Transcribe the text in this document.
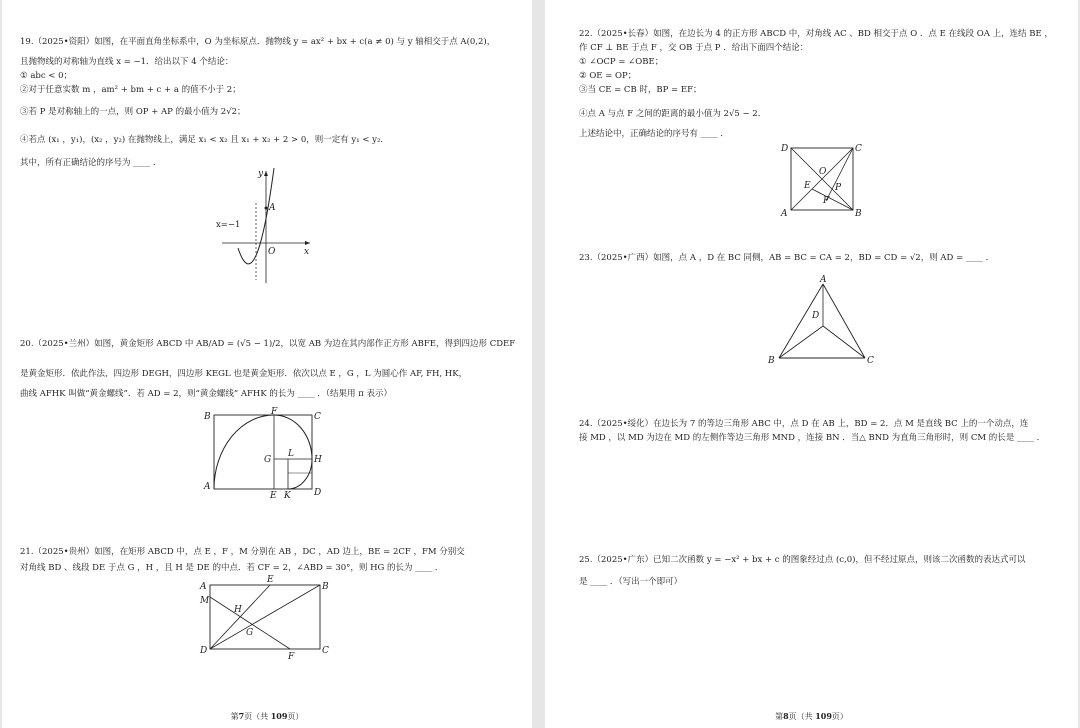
19.（2025•资阳）如图，在平面直角坐标系中，O 为坐标原点．抛物线 y = ax² + bx + c(a ≠ 0) 与 y 轴相交于点 A(0,2)，
且抛物线的对称轴为直线 x = −1．给出以下 4 个结论：
① abc < 0；
②对于任意实数 m ，am² + bm + c + a 的值不小于 2；
③若 P 是对称轴上的一点，则 OP + AP 的最小值为 2√2；
④若点 (x₁ ，y₁)，(x₂ ，y₂) 在抛物线上，满足 x₁ < x₂ 且 x₁ + x₂ + 2 > 0，则一定有 y₁ < y₂．
其中，所有正确结论的序号为 ____ ．
y
x
A
O
x=−1
20.（2025•兰州）如图，黄金矩形 ABCD 中 AB/AD = (√5 − 1)/2，以宽 AB 为边在其内部作正方形 ABFE，得到四边形 CDEF
是黄金矩形．依此作法，四边形 DEGH，四边形 KEGL 也是黄金矩形．依次以点 E ，G ，L 为圆心作 AF, FH, HK，
曲线 AFHK 叫做“黄金螺线”．若 AD = 2，则“黄金螺线” AFHK 的长为 ____ ．（结果用 π 表示）
B	F	C
G
L
H
A
E K	D
21.（2025•贵州）如图，在矩形 ABCD 中，点 E ，F ，M 分别在 AB ，DC ，AD 边上，BE = 2CF ，FM 分别交
对角线 BD 、线段 DE 于点 G ，H ，且 H 是 DE 的中点．若 CF = 2，∠ABD = 30°，则 HG 的长为 ____ ．
A
E
B
M
H
G
D
F
C
第7页（共 109页）
22.（2025•长春）如图，在边长为 4 的正方形 ABCD 中，对角线 AC 、BD 相交于点 O ．点 E 在线段 OA 上，连结 BE ，
作 CF ⊥ BE 于点 F ，交 OB 于点 P ．给出下面四个结论：
① ∠OCP = ∠OBE；
② OE = OP；
③当 CE = CB 时，BP = EF；
④点 A 与点 F 之间的距离的最小值为 2√5 − 2．
上述结论中，正确结论的序号有 ____ ．
D	C
O
E	P
F
A	B
23.（2025•广西）如图，点 A ，D 在 BC 同侧，AB = BC = CA = 2，BD = CD = √2，则 AD = ____ ．
A
D
B	C
24.（2025•绥化）在边长为 7 的等边三角形 ABC 中，点 D 在 AB 上，BD = 2．点 M 是直线 BC 上的一个动点，连
接 MD ，以 MD 为边在 MD 的左侧作等边三角形 MND ，连接 BN ．当△ BND 为直角三角形时，则 CM 的长是 ____ ．
25.（2025•广东）已知二次函数 y = −x² + bx + c 的图象经过点 (c,0)，但不经过原点，则该二次函数的表达式可以
是 ____ ．（写出一个即可）
第8页（共 109页）
